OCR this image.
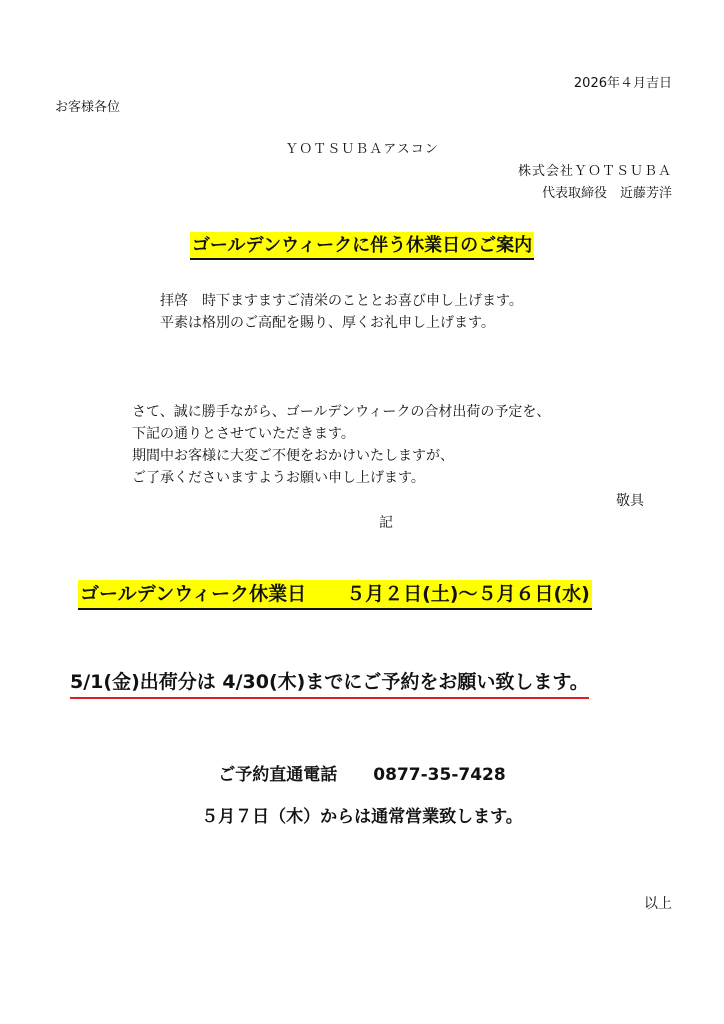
2026年４月吉日
お客様各位
ＹＯＴＳＵＢＡアスコン
株式会社ＹＯＴＳＵＢＡ
代表取締役　近藤芳洋
ゴールデンウィークに伴う休業日のご案内

拝啓　時下ますますご清栄のこととお喜び申し上げます。

平素は格別のご高配を賜り、厚くお礼申し上げます。

さて、誠に勝手ながら、ゴールデンウィークの合材出荷の予定を、

下記の通りとさせていただきます。

期間中お客様に大変ご不便をおかけいたしますが、

ご了承くださいますようお願い申し上げます。

敬具
記
ゴールデンウィーク休業日 ５月２日(土)～５月６日(水)
5/1(金)出荷分は 4/30(木)までにご予約をお願い致します。
ご予約直通電話 0877-35-7428
５月７日（木）からは通常営業致します。
以上
